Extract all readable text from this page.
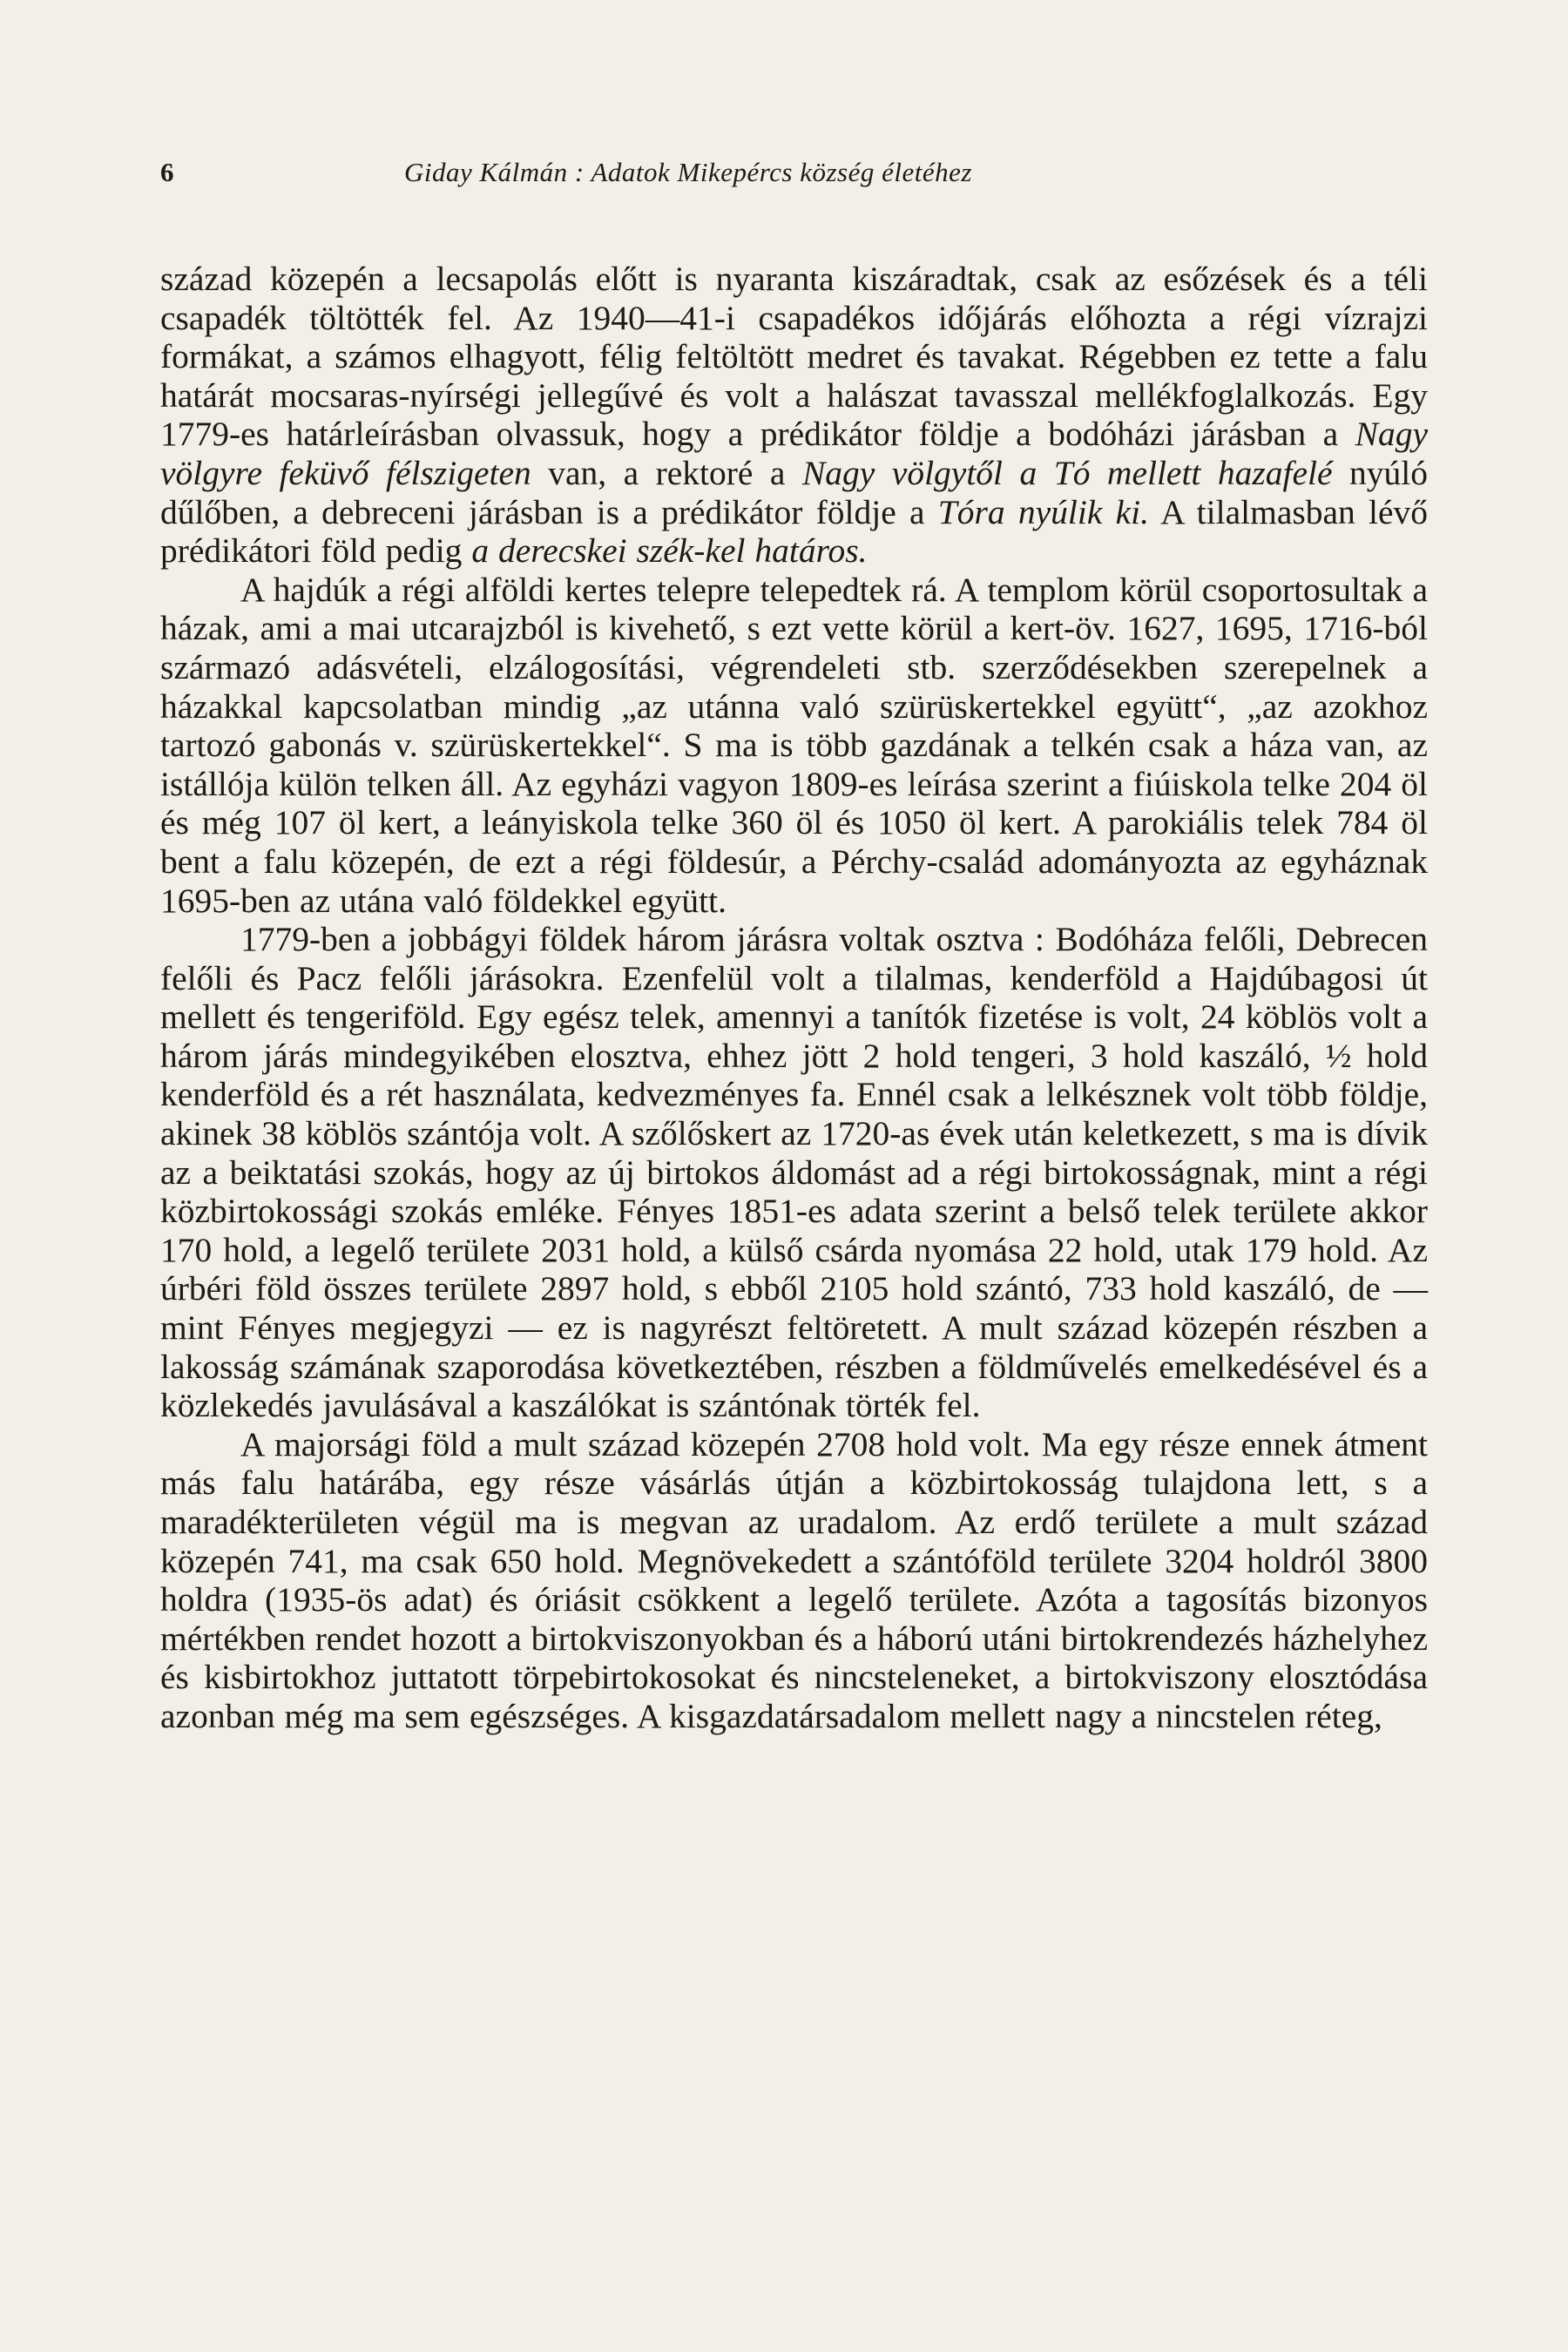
6	Giday Kálmán : Adatok Mikepércs község életéhez

század közepén a lecsapolás előtt is nyaranta kiszáradtak, csak az esőzések és a téli csapadék töltötték fel. Az 1940—41-i csapadékos időjárás előhozta a régi vízrajzi formákat, a számos elhagyott, félig feltöltött medret és tavakat. Régebben ez tette a falu határát mocsaras-nyírségi jellegűvé és volt a halászat tavasszal mellékfoglalkozás. Egy 1779-es határleírásban olvassuk, hogy a prédikátor földje a bodóházi járásban a Nagy völgyre feküvő félszigeten van, a rektoré a Nagy völgytől a Tó mellett hazafelé nyúló dűlőben, a debreceni járásban is a prédikátor földje a Tóra nyúlik ki. A tilalmasban lévő prédikátori föld pedig a derecskei szék-kel határos.

A hajdúk a régi alföldi kertes telepre telepedtek rá. A templom körül csoportosultak a házak, ami a mai utcarajzból is kivehető, s ezt vette körül a kert-öv. 1627, 1695, 1716-ból származó adásvételi, elzálogosítási, végrendeleti stb. szerződésekben szerepelnek a házakkal kapcsolatban mindig „az utánna való szürüskertekkel együtt“, „az azokhoz tartozó gabonás v. szürüskertekkel“. S ma is több gazdának a telkén csak a háza van, az istállója külön telken áll. Az egyházi vagyon 1809-es leírása szerint a fiúiskola telke 204 öl és még 107 öl kert, a leányiskola telke 360 öl és 1050 öl kert. A parokiális telek 784 öl bent a falu közepén, de ezt a régi földesúr, a Pérchy-család adományozta az egyháznak 1695-ben az utána való földekkel együtt.

1779-ben a jobbágyi földek három járásra voltak osztva : Bodóháza felőli, Debrecen felőli és Pacz felőli járásokra. Ezenfelül volt a tilalmas, kenderföld a Hajdúbagosi út mellett és tengeriföld. Egy egész telek, amennyi a tanítók fizetése is volt, 24 köblös volt a három járás mindegyikében elosztva, ehhez jött 2 hold tengeri, 3 hold kaszáló, ½ hold kenderföld és a rét használata, kedvezményes fa. Ennél csak a lelkésznek volt több földje, akinek 38 köblös szántója volt. A szőlőskert az 1720-as évek után keletkezett, s ma is dívik az a beiktatási szokás, hogy az új birtokos áldomást ad a régi birtokosságnak, mint a régi közbirtokossági szokás emléke. Fényes 1851-es adata szerint a belső telek területe akkor 170 hold, a legelő területe 2031 hold, a külső csárda nyomása 22 hold, utak 179 hold. Az úrbéri föld összes területe 2897 hold, s ebből 2105 hold szántó, 733 hold kaszáló, de — mint Fényes megjegyzi — ez is nagyrészt feltöretett. A mult század közepén részben a lakosság számának szaporodása következtében, részben a földművelés emelkedésével és a közlekedés javulásával a kaszálókat is szántónak törték fel.

A majorsági föld a mult század közepén 2708 hold volt. Ma egy része ennek átment más falu határába, egy része vásárlás útján a közbirtokosság tulajdona lett, s a maradékterületen végül ma is megvan az uradalom. Az erdő területe a mult század közepén 741, ma csak 650 hold. Megnövekedett a szántóföld területe 3204 holdról 3800 holdra (1935-ös adat) és óriásit csökkent a legelő területe. Azóta a tagosítás bizonyos mértékben rendet hozott a birtokviszonyokban és a háború utáni birtokrendezés házhelyhez és kisbirtokhoz juttatott törpebirtokosokat és nincsteleneket, a birtokviszony elosztódása azonban még ma sem egészséges. A kisgazdatársadalom mellett nagy a nincstelen réteg,
